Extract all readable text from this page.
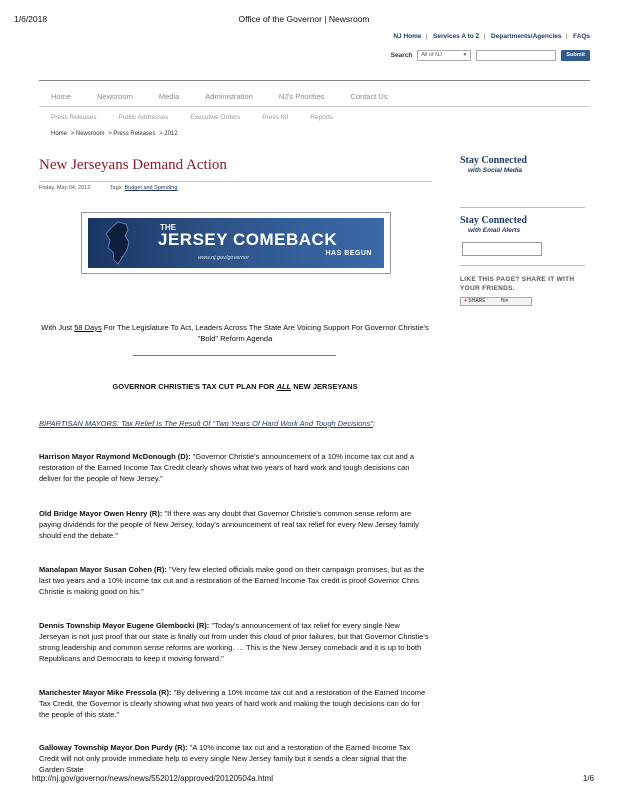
1/6/2018	Office of the Governor | Newsroom
NJ Home | Services A to Z | Departments/Agencies | FAQs
Search	All of NJ	▼	Submit
Home	Newsroom	Media	Administration	NJ's Priorities	Contact Us
Press Releases	Public Addresses	Executive Orders	Press Kit	Reports
Home > Newsroom > Press Releases > 2012
New Jerseyans Demand Action
Friday, May 04, 2012	Tags: Budget and Spending
THE
JERSEY COMEBACK
HAS BEGUN
www.nj.gov/governor
With Just 58 Days For The Legislature To Act, Leaders Across The State Are Voicing Support For Governor Christie's "Bold" Reform Agenda
GOVERNOR CHRISTIE'S TAX CUT PLAN FOR ALL NEW JERSEYANS
BIPARTISAN MAYORS: Tax Relief Is The Result Of "Two Years Of Hard Work And Tough Decisions":
Harrison Mayor Raymond McDonough (D): "Governor Christie's announcement of a 10% income tax cut and a restoration of the Earned Income Tax Credit clearly shows what two years of hard work and tough decisions can deliver for the people of New Jersey."
Old Bridge Mayor Owen Henry (R): "If there was any doubt that Governor Christie's common sense reform are paying dividends for the people of New Jersey, today's announcement of real tax relief for every New Jersey family should end the debate."
Manalapan Mayor Susan Cohen (R): "Very few elected officials make good on their campaign promises, but as the last two years and a 10% income tax cut and a restoration of the Earned Income Tax credit is proof Governor Chris Christie is making good on his."
Dennis Township Mayor Eugene Glembocki (R): "Today's announcement of tax relief for every single New Jerseyan is not just proof that our state is finally out from under this cloud of prior failures, but that Governor Christie's strong leadership and common sense reforms are working. … This is the New Jersey comeback and it is up to both Republicans and Democrats to keep it moving forward."
Manchester Mayor Mike Fressola (R): "By delivering a 10% income tax cut and a restoration of the Earned Income Tax Credit, the Governor is clearly showing what two years of hard work and making the tough decisions can do for the people of this state."
Galloway Township Mayor Don Purdy (R): "A 10% income tax cut and a restoration of the Earned Income Tax Credit will not only provide immediate help to every single New Jersey family but it sends a clear signal that the Garden State
Stay Connected
with Social Media
Stay Connected
with Email Alerts
LIKE THIS PAGE? SHARE IT WITH YOUR FRIENDS.
+ SHARE	ft✉
http://nj.gov/governor/news/news/552012/approved/20120504a.html	1/6
